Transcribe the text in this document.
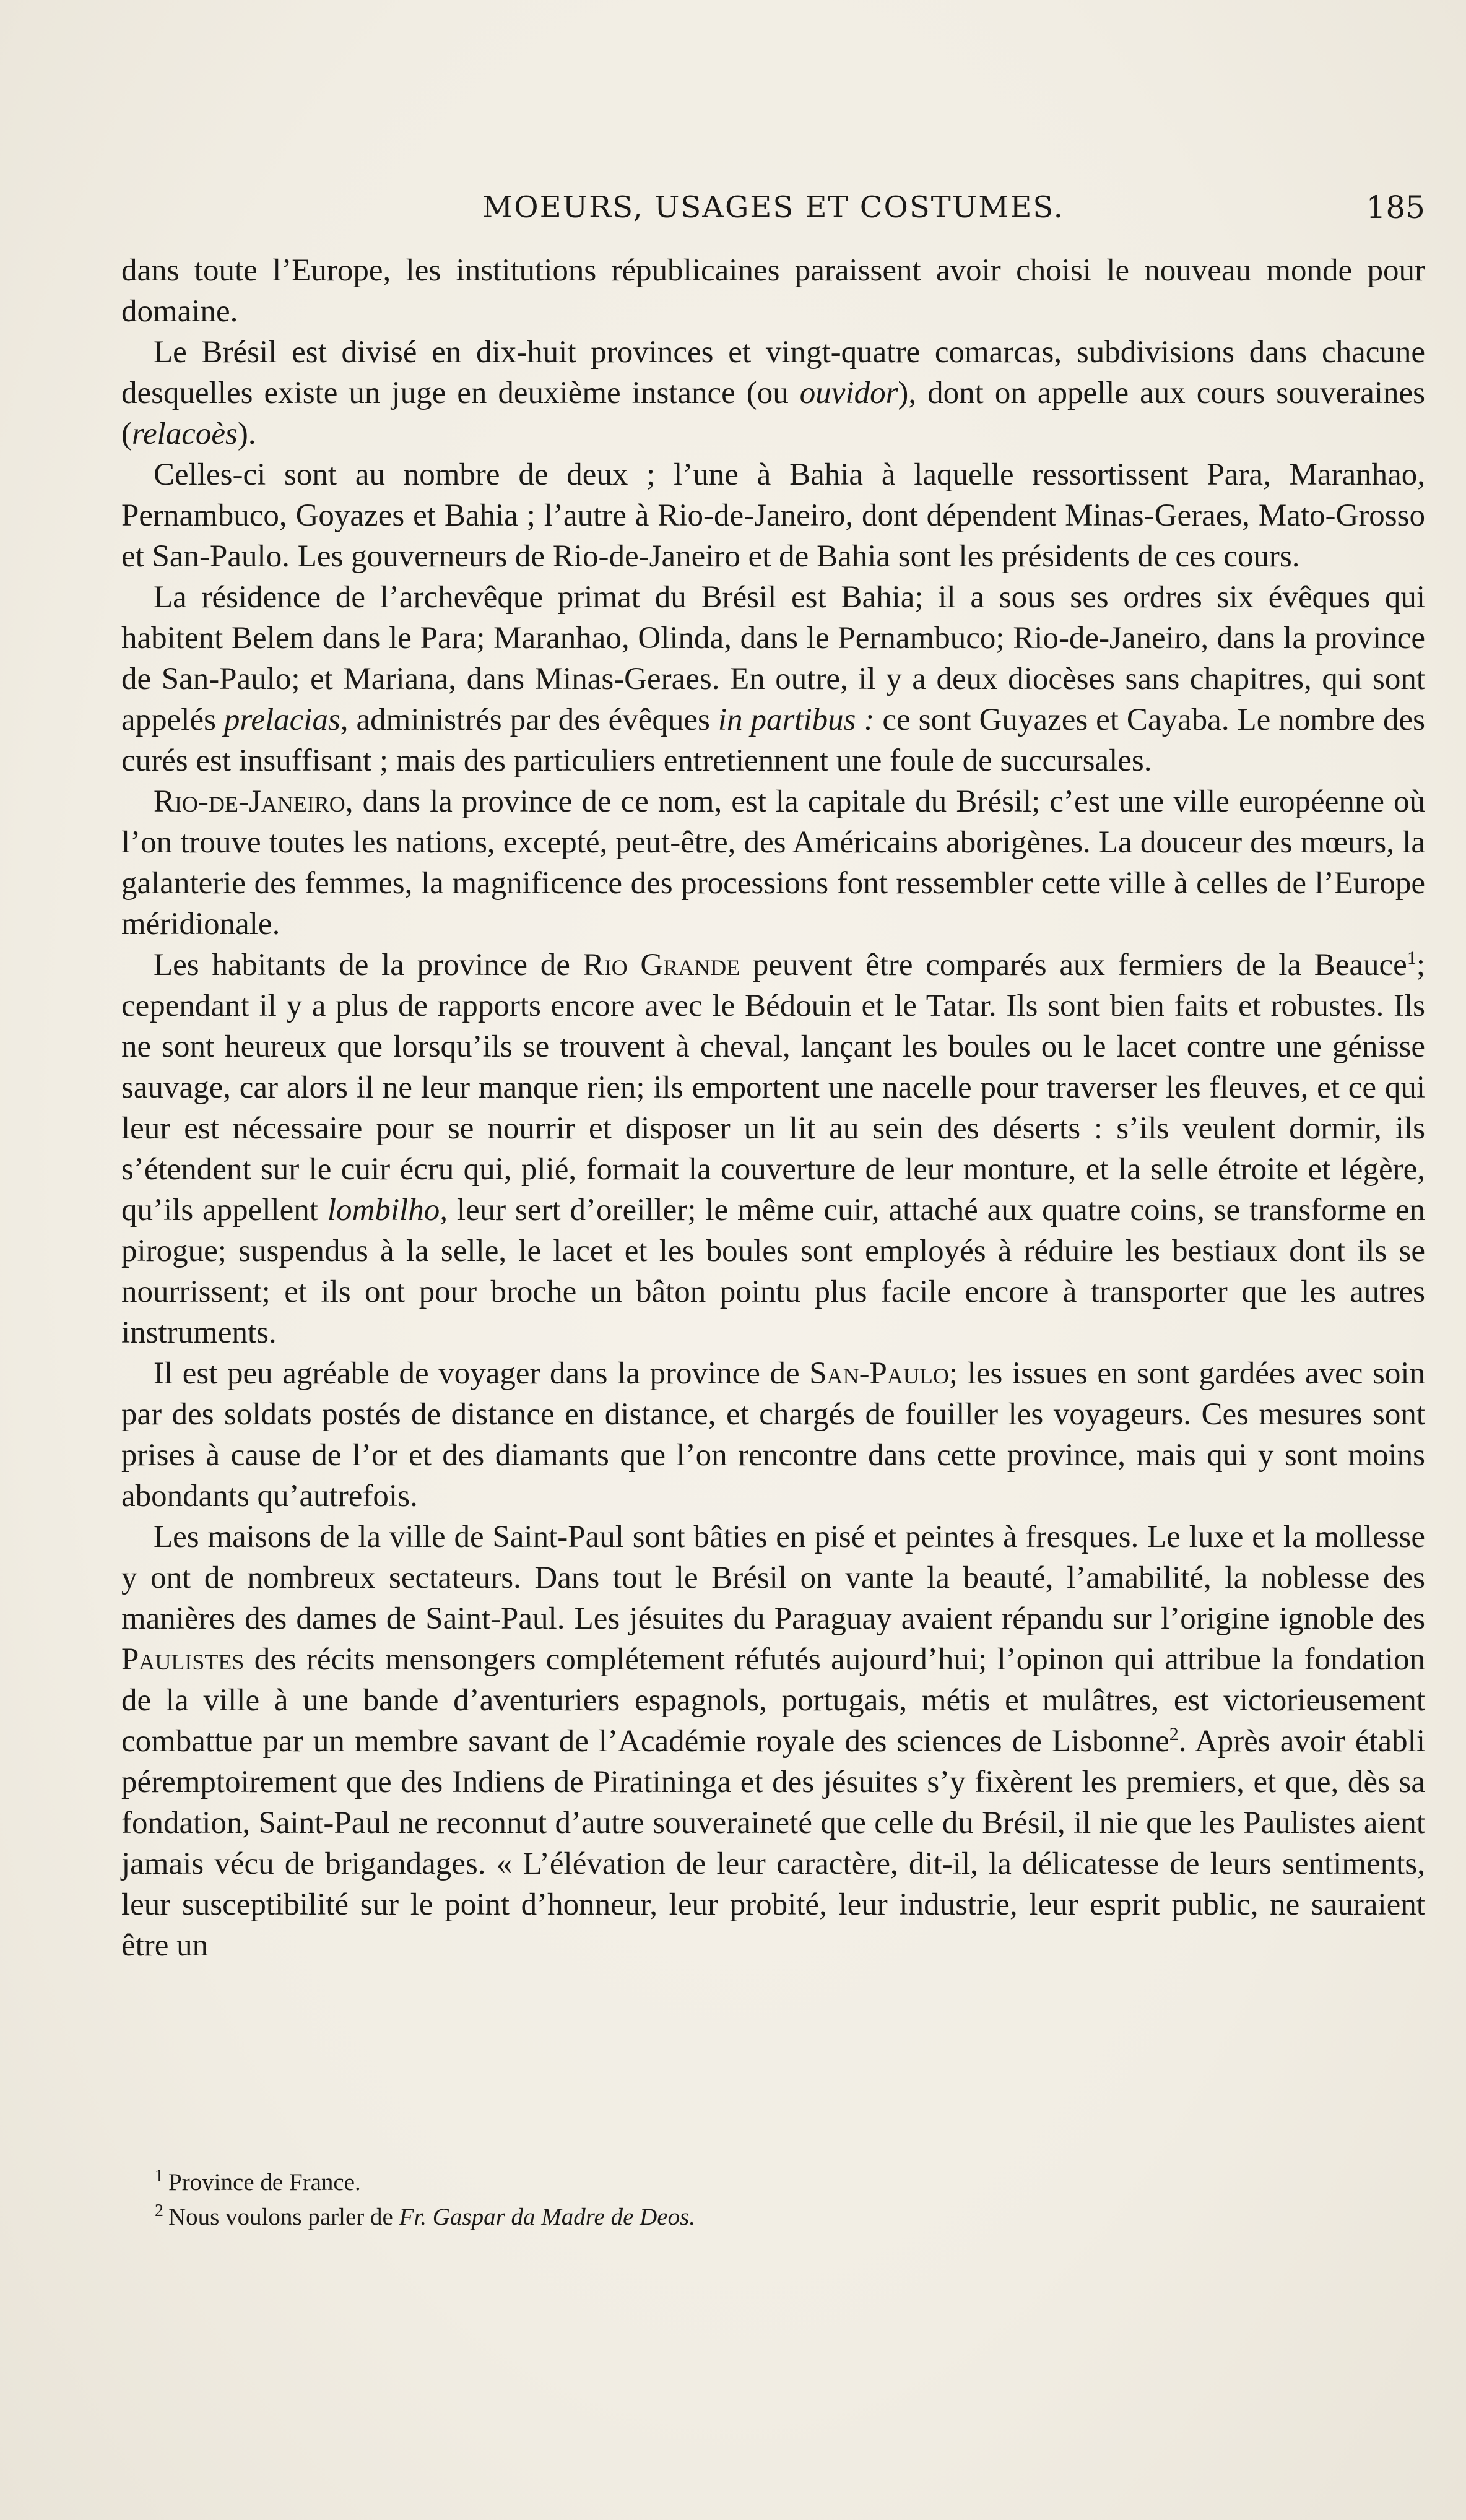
MOEURS, USAGES ET COSTUMES.	185

dans toute l’Europe, les institutions républicaines paraissent avoir choisi le nouveau monde pour domaine.

Le Brésil est divisé en dix-huit provinces et vingt-quatre comarcas, subdivisions dans chacune desquelles existe un juge en deuxième instance (ou ouvidor), dont on appelle aux cours souveraines (relacoès).

Celles-ci sont au nombre de deux ; l’une à Bahia à laquelle ressortissent Para, Maranhao, Pernambuco, Goyazes et Bahia ; l’autre à Rio-de-Janeiro, dont dépendent Minas-Geraes, Mato-Grosso et San-Paulo. Les gouverneurs de Rio-de-Janeiro et de Bahia sont les présidents de ces cours.

La résidence de l’archevêque primat du Brésil est Bahia; il a sous ses ordres six évêques qui habitent Belem dans le Para; Maranhao, Olinda, dans le Pernambuco; Rio-de-Janeiro, dans la province de San-Paulo; et Mariana, dans Minas-Geraes. En outre, il y a deux diocèses sans chapitres, qui sont appelés prelacias, administrés par des évêques in partibus : ce sont Guyazes et Cayaba. Le nombre des curés est insuffisant ; mais des particuliers entretiennent une foule de succursales.

Rio-de-Janeiro, dans la province de ce nom, est la capitale du Brésil; c’est une ville européenne où l’on trouve toutes les nations, excepté, peut-être, des Américains aborigènes. La douceur des mœurs, la galanterie des femmes, la magnificence des processions font ressembler cette ville à celles de l’Europe méridionale.

Les habitants de la province de Rio Grande peuvent être comparés aux fermiers de la Beauce$^1$; cependant il y a plus de rapports encore avec le Bédouin et le Tatar. Ils sont bien faits et robustes. Ils ne sont heureux que lorsqu’ils se trouvent à cheval, lançant les boules ou le lacet contre une génisse sauvage, car alors il ne leur manque rien; ils emportent une nacelle pour traverser les fleuves, et ce qui leur est nécessaire pour se nourrir et disposer un lit au sein des déserts : s’ils veulent dormir, ils s’étendent sur le cuir écru qui, plié, formait la couverture de leur monture, et la selle étroite et légère, qu’ils appellent lombilho, leur sert d’oreiller; le même cuir, attaché aux quatre coins, se transforme en pirogue; suspendus à la selle, le lacet et les boules sont employés à réduire les bestiaux dont ils se nourrissent; et ils ont pour broche un bâton pointu plus facile encore à transporter que les autres instruments.

Il est peu agréable de voyager dans la province de San-Paulo; les issues en sont gardées avec soin par des soldats postés de distance en distance, et chargés de fouiller les voyageurs. Ces mesures sont prises à cause de l’or et des diamants que l’on rencontre dans cette province, mais qui y sont moins abondants qu’autrefois.

Les maisons de la ville de Saint-Paul sont bâties en pisé et peintes à fresques. Le luxe et la mollesse y ont de nombreux sectateurs. Dans tout le Brésil on vante la beauté, l’amabilité, la noblesse des manières des dames de Saint-Paul. Les jésuites du Paraguay avaient répandu sur l’origine ignoble des Paulistes des récits mensongers complétement réfutés aujourd’hui; l’opinon qui attribue la fondation de la ville à une bande d’aventuriers espagnols, portugais, métis et mulâtres, est victorieusement combattue par un membre savant de l’Académie royale des sciences de Lisbonne$^2$. Après avoir établi péremptoirement que des Indiens de Piratininga et des jésuites s’y fixèrent les premiers, et que, dès sa fondation, Saint-Paul ne reconnut d’autre souveraineté que celle du Brésil, il nie que les Paulistes aient jamais vécu de brigandages. « L’élévation de leur caractère, dit-il, la délicatesse de leurs sentiments, leur susceptibilité sur le point d’honneur, leur probité, leur industrie, leur esprit public, ne sauraient être un

$^1$ Province de France.
$^2$ Nous voulons parler de Fr. Gaspar da Madre de Deos.
